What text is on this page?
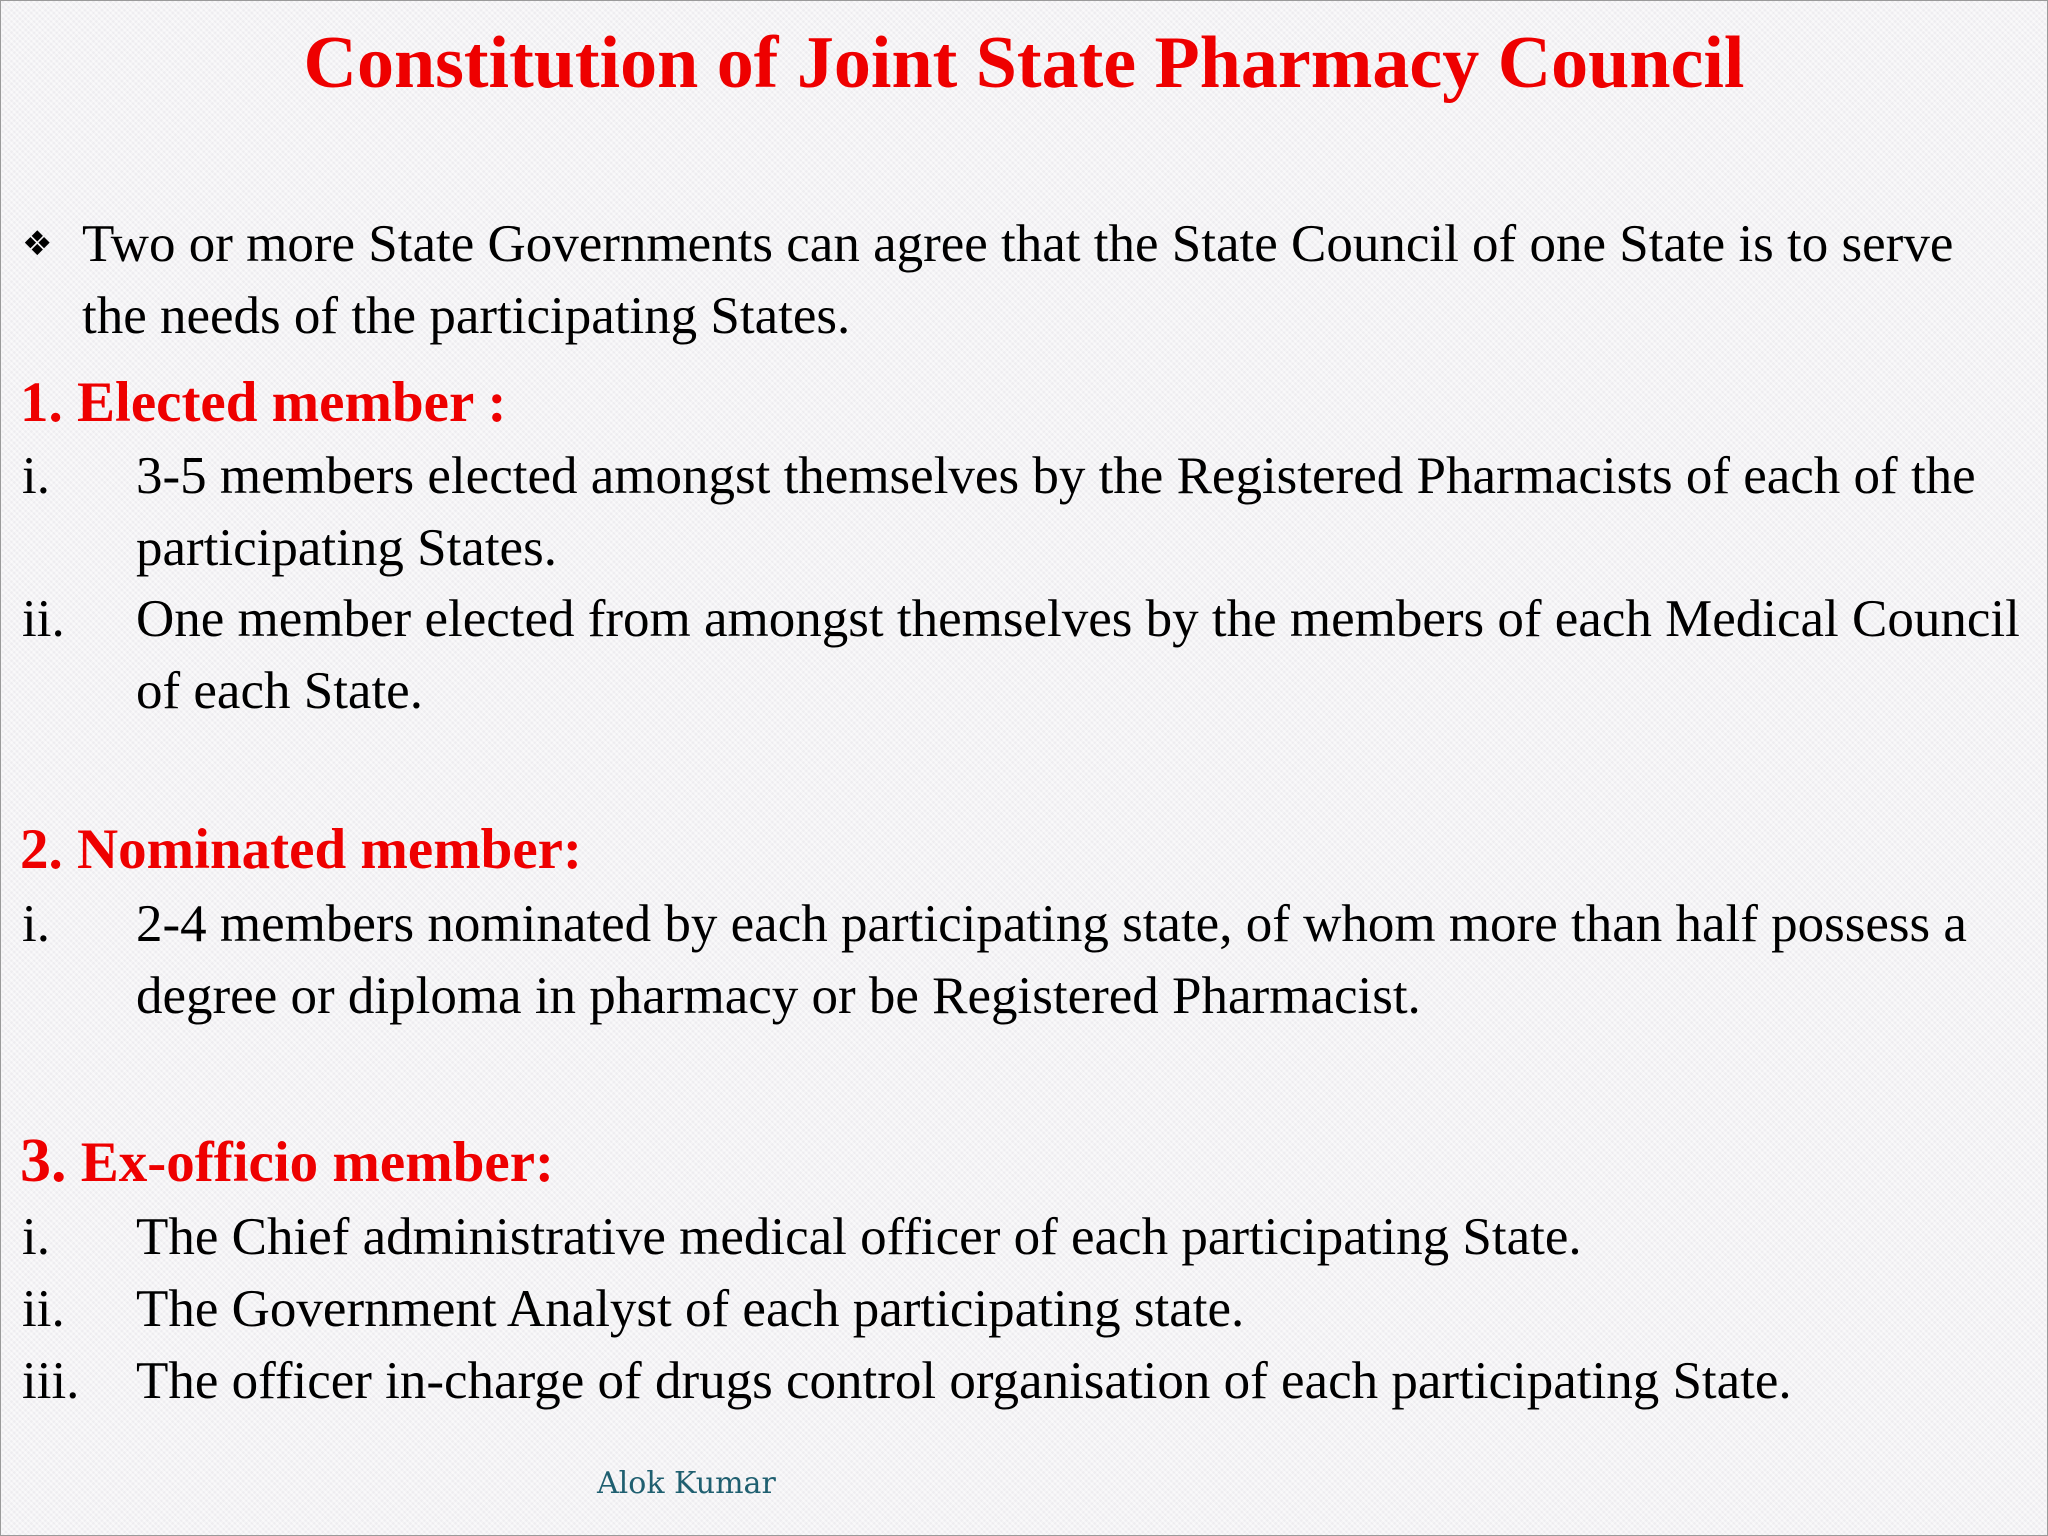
Constitution of Joint State Pharmacy Council
❖ Two or more State Governments can agree that the State Council of one State is to serve the needs of the participating States.
1. Elected member :
i.	3-5 members elected amongst themselves by the Registered Pharmacists of each of the participating States.
ii.	One member elected from amongst themselves by the members of each Medical Council of each State.
2. Nominated member:
i.	2-4 members nominated by each participating state, of whom more than half possess a degree or diploma in pharmacy or be Registered Pharmacist.
3. Ex-officio member:
i.	The Chief administrative medical officer of each participating State.
ii.	The Government Analyst of each participating state.
iii.	The officer in-charge of drugs control organisation of each participating State.
Alok Kumar
